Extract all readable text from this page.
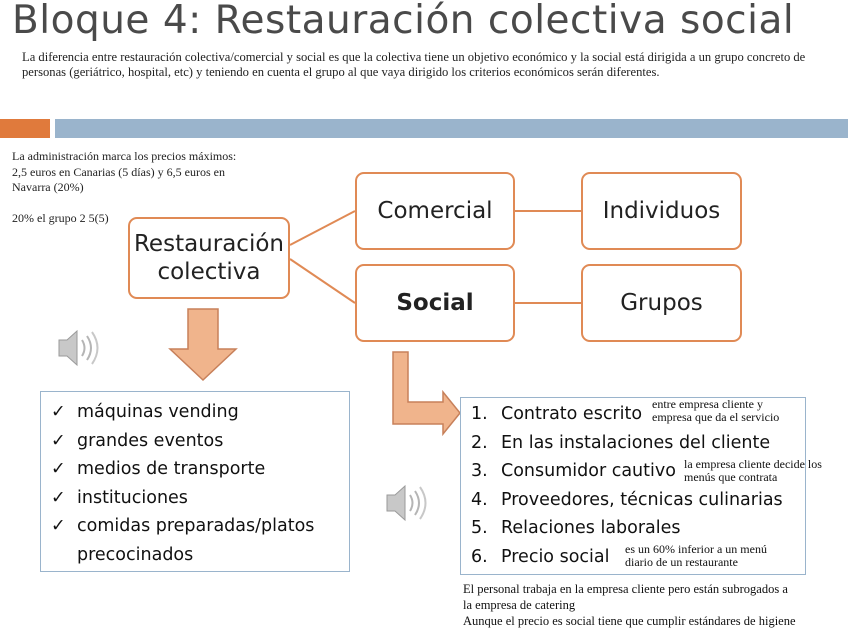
Bloque 4: Restauración colectiva social
La diferencia entre restauración colectiva/comercial y social es que la colectiva tiene un objetivo económico y la social está dirigida a un grupo concreto de personas (geriátrico, hospital, etc) y teniendo en cuenta el grupo al que vaya dirigido los criterios económicos serán diferentes.
La administración marca los precios máximos:
2,5 euros en Canarias (5 días) y 6,5 euros en
Navarra (20%)
20% el grupo 2 5(5)
Restauración
colectiva
Comercial
Social
Individuos
Grupos
✓ máquinas vending
✓ grandes eventos
✓ medios de transporte
✓ instituciones
✓ comidas preparadas/platos precocinados
1. Contrato escrito
2. En las instalaciones del cliente
3. Consumidor cautivo
4. Proveedores, técnicas culinarias
5. Relaciones laborales
6. Precio social
entre empresa cliente y
empresa que da el servicio
la empresa cliente decide los
menús que contrata
es un 60% inferior a un menú
diario de un restaurante
El personal trabaja en la empresa cliente pero están subrogados a
la empresa de catering
Aunque el precio es social tiene que cumplir estándares de higiene
